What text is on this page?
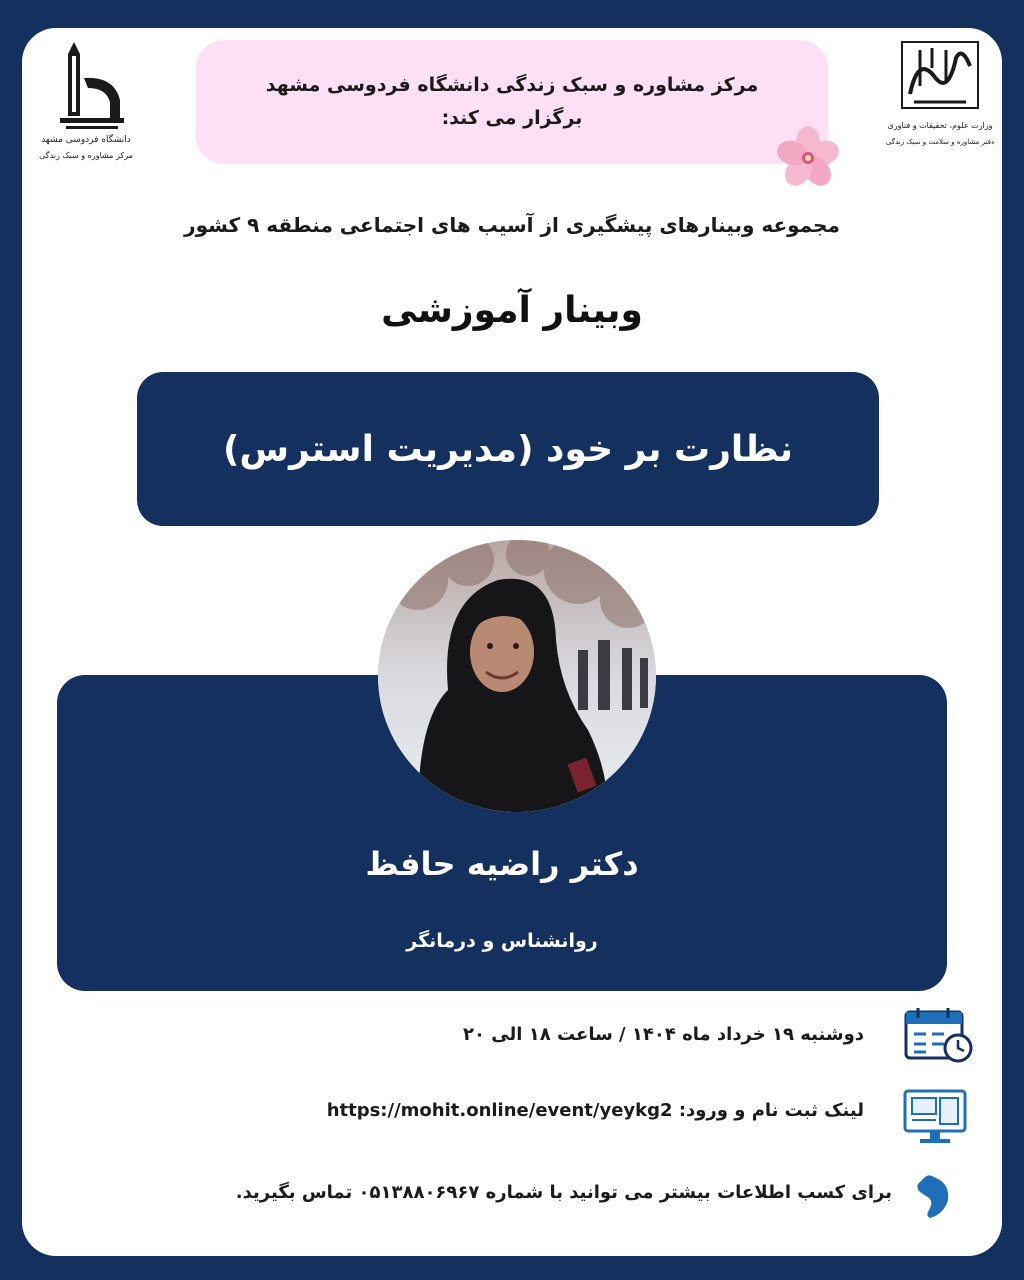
دانشگاه فردوسی مشهد
مرکز مشاوره و سبک زندگی
مرکز مشاوره و سبک زندگی دانشگاه فردوسی مشهد
برگزار می کند:	وزارت علوم، تحقیقات و فناوری
دفتر مشاوره و سلامت و سبک زندگی
مجموعه وبینارهای پیشگیری از آسیب های اجتماعی منطقه ۹ کشور
وبینار آموزشی
نظارت بر خود (مدیریت استرس)
دکتر راضیه حافظ
روانشناس و درمانگر
دوشنبه ۱۹ خرداد ماه ۱۴۰۴ / ساعت ۱۸ الی ۲۰
لینک ثبت نام و ورود: https://mohit.online/event/yeykg2
برای کسب اطلاعات بیشتر می توانید با شماره ۰۵۱۳۸۸۰۶۹۶۷ تماس بگیرید.
